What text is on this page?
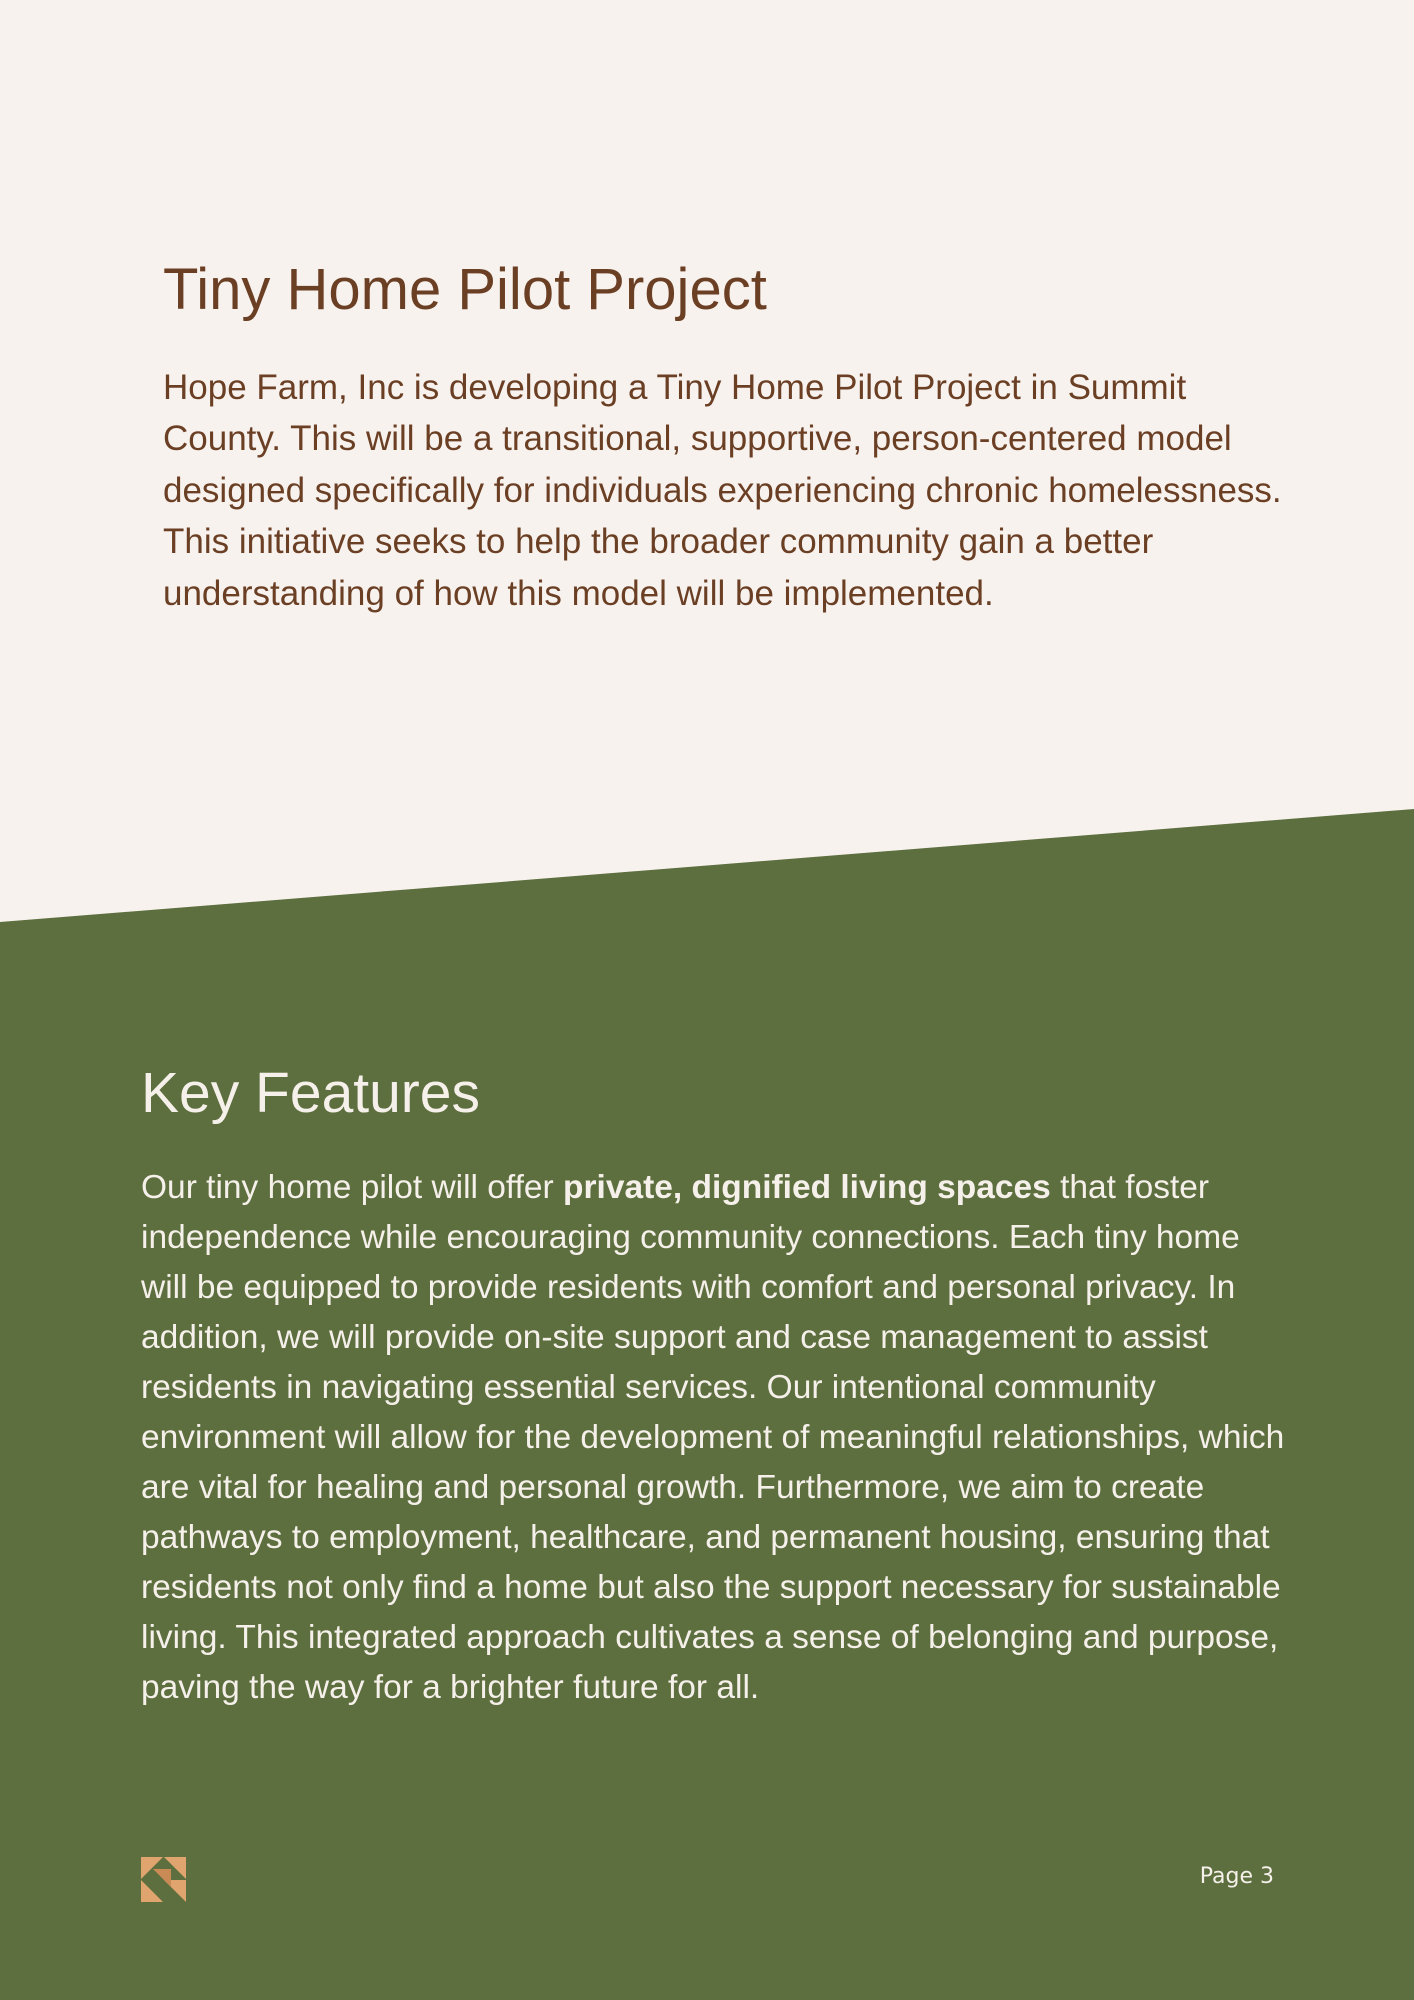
Tiny Home Pilot Project

Hope Farm, Inc is developing a Tiny Home Pilot Project in Summit County. This will be a transitional, supportive, person-centered model designed specifically for individuals experiencing chronic homelessness. This initiative seeks to help the broader community gain a better understanding of how this model will be implemented.

Key Features

Our tiny home pilot will offer private, dignified living spaces that foster independence while encouraging community connections. Each tiny home will be equipped to provide residents with comfort and personal privacy. In addition, we will provide on-site support and case management to assist residents in navigating essential services. Our intentional community environment will allow for the development of meaningful relationships, which are vital for healing and personal growth. Furthermore, we aim to create pathways to employment, healthcare, and permanent housing, ensuring that residents not only find a home but also the support necessary for sustainable living. This integrated approach cultivates a sense of belonging and purpose, paving the way for a brighter future for all.

Page 3
